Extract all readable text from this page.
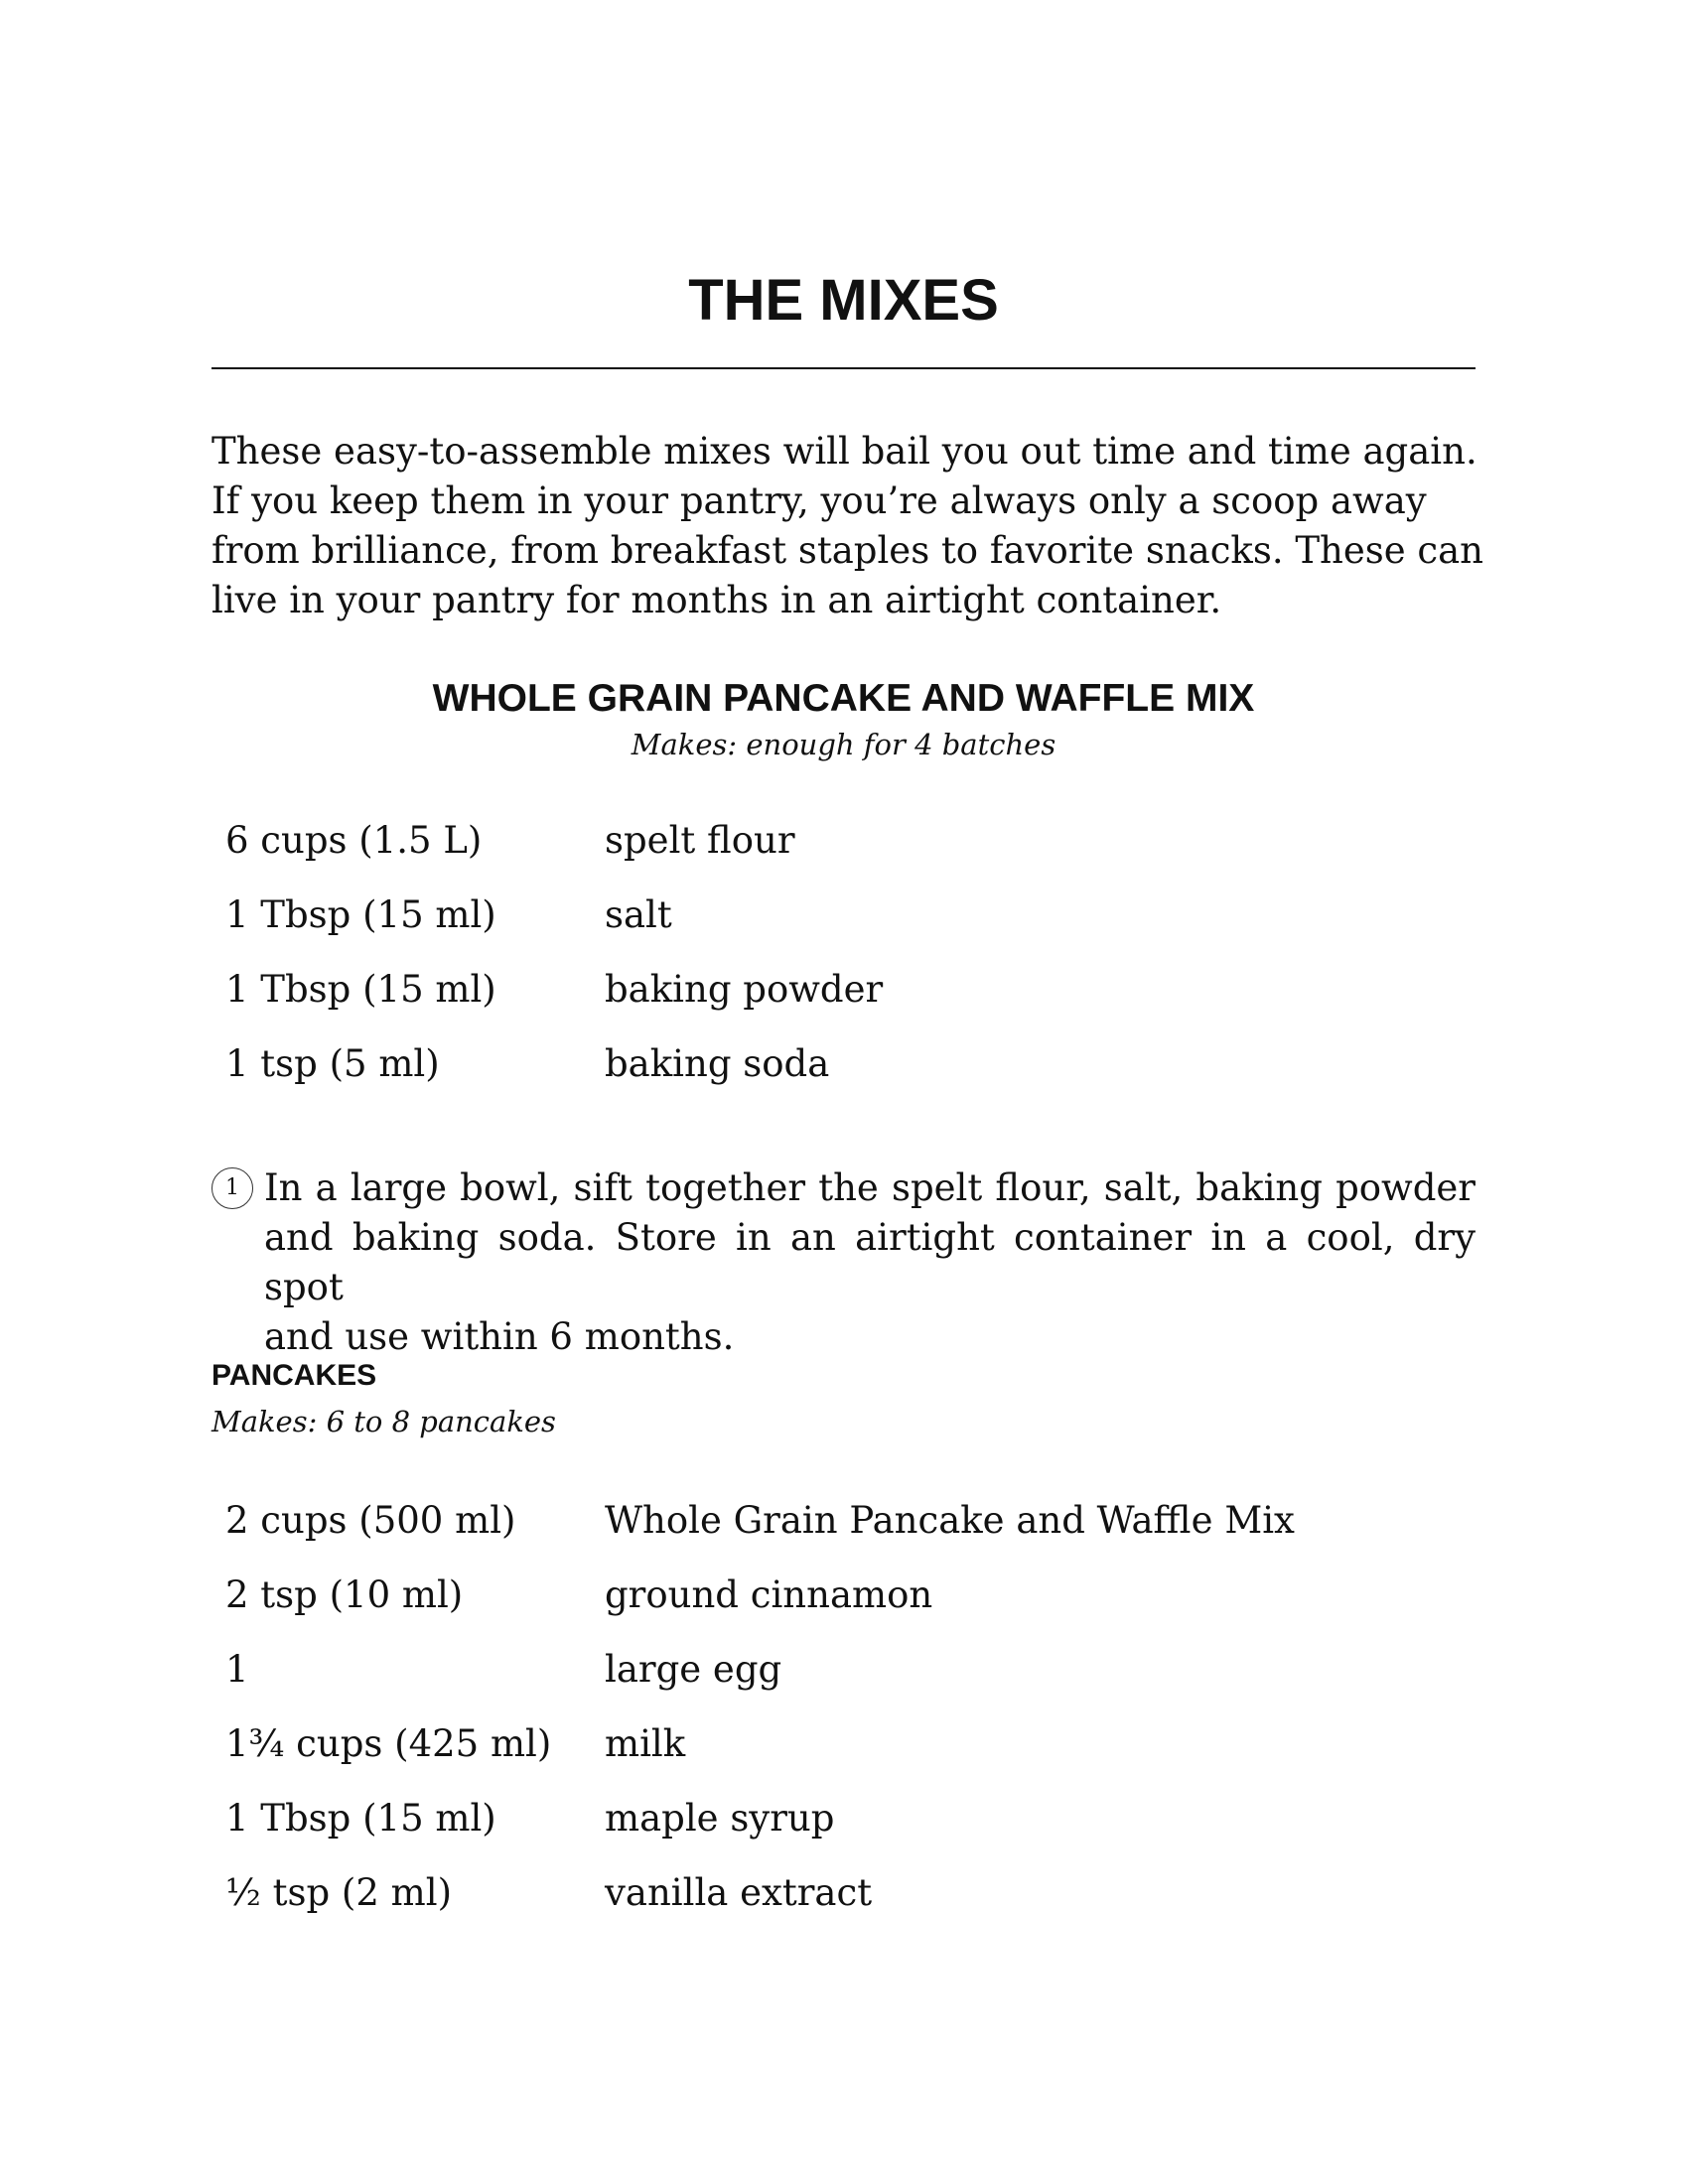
THE MIXES

These easy-to-assemble mixes will bail you out time and time again.
If you keep them in your pantry, you’re always only a scoop away
from brilliance, from breakfast staples to favorite snacks. These can
live in your pantry for months in an airtight container.

WHOLE GRAIN PANCAKE AND WAFFLE MIX

Makes: enough for 4 batches

6 cups (1.5 L)	spelt flour
1 Tbsp (15 ml)	salt
1 Tbsp (15 ml)	baking powder
1 tsp (5 ml)	baking soda
1 In a large bowl, sift together the spelt flour, salt, baking powder
and baking soda. Store in an airtight container in a cool, dry spot
and use within 6 months.

PANCAKES

Makes: 6 to 8 pancakes

2 cups (500 ml) Whole Grain Pancake and Waffle Mix
2 tsp (10 ml)	ground cinnamon
1	large egg
1¾ cups (425 ml) milk
1 Tbsp (15 ml)	maple syrup
½ tsp (2 ml)	vanilla extract
